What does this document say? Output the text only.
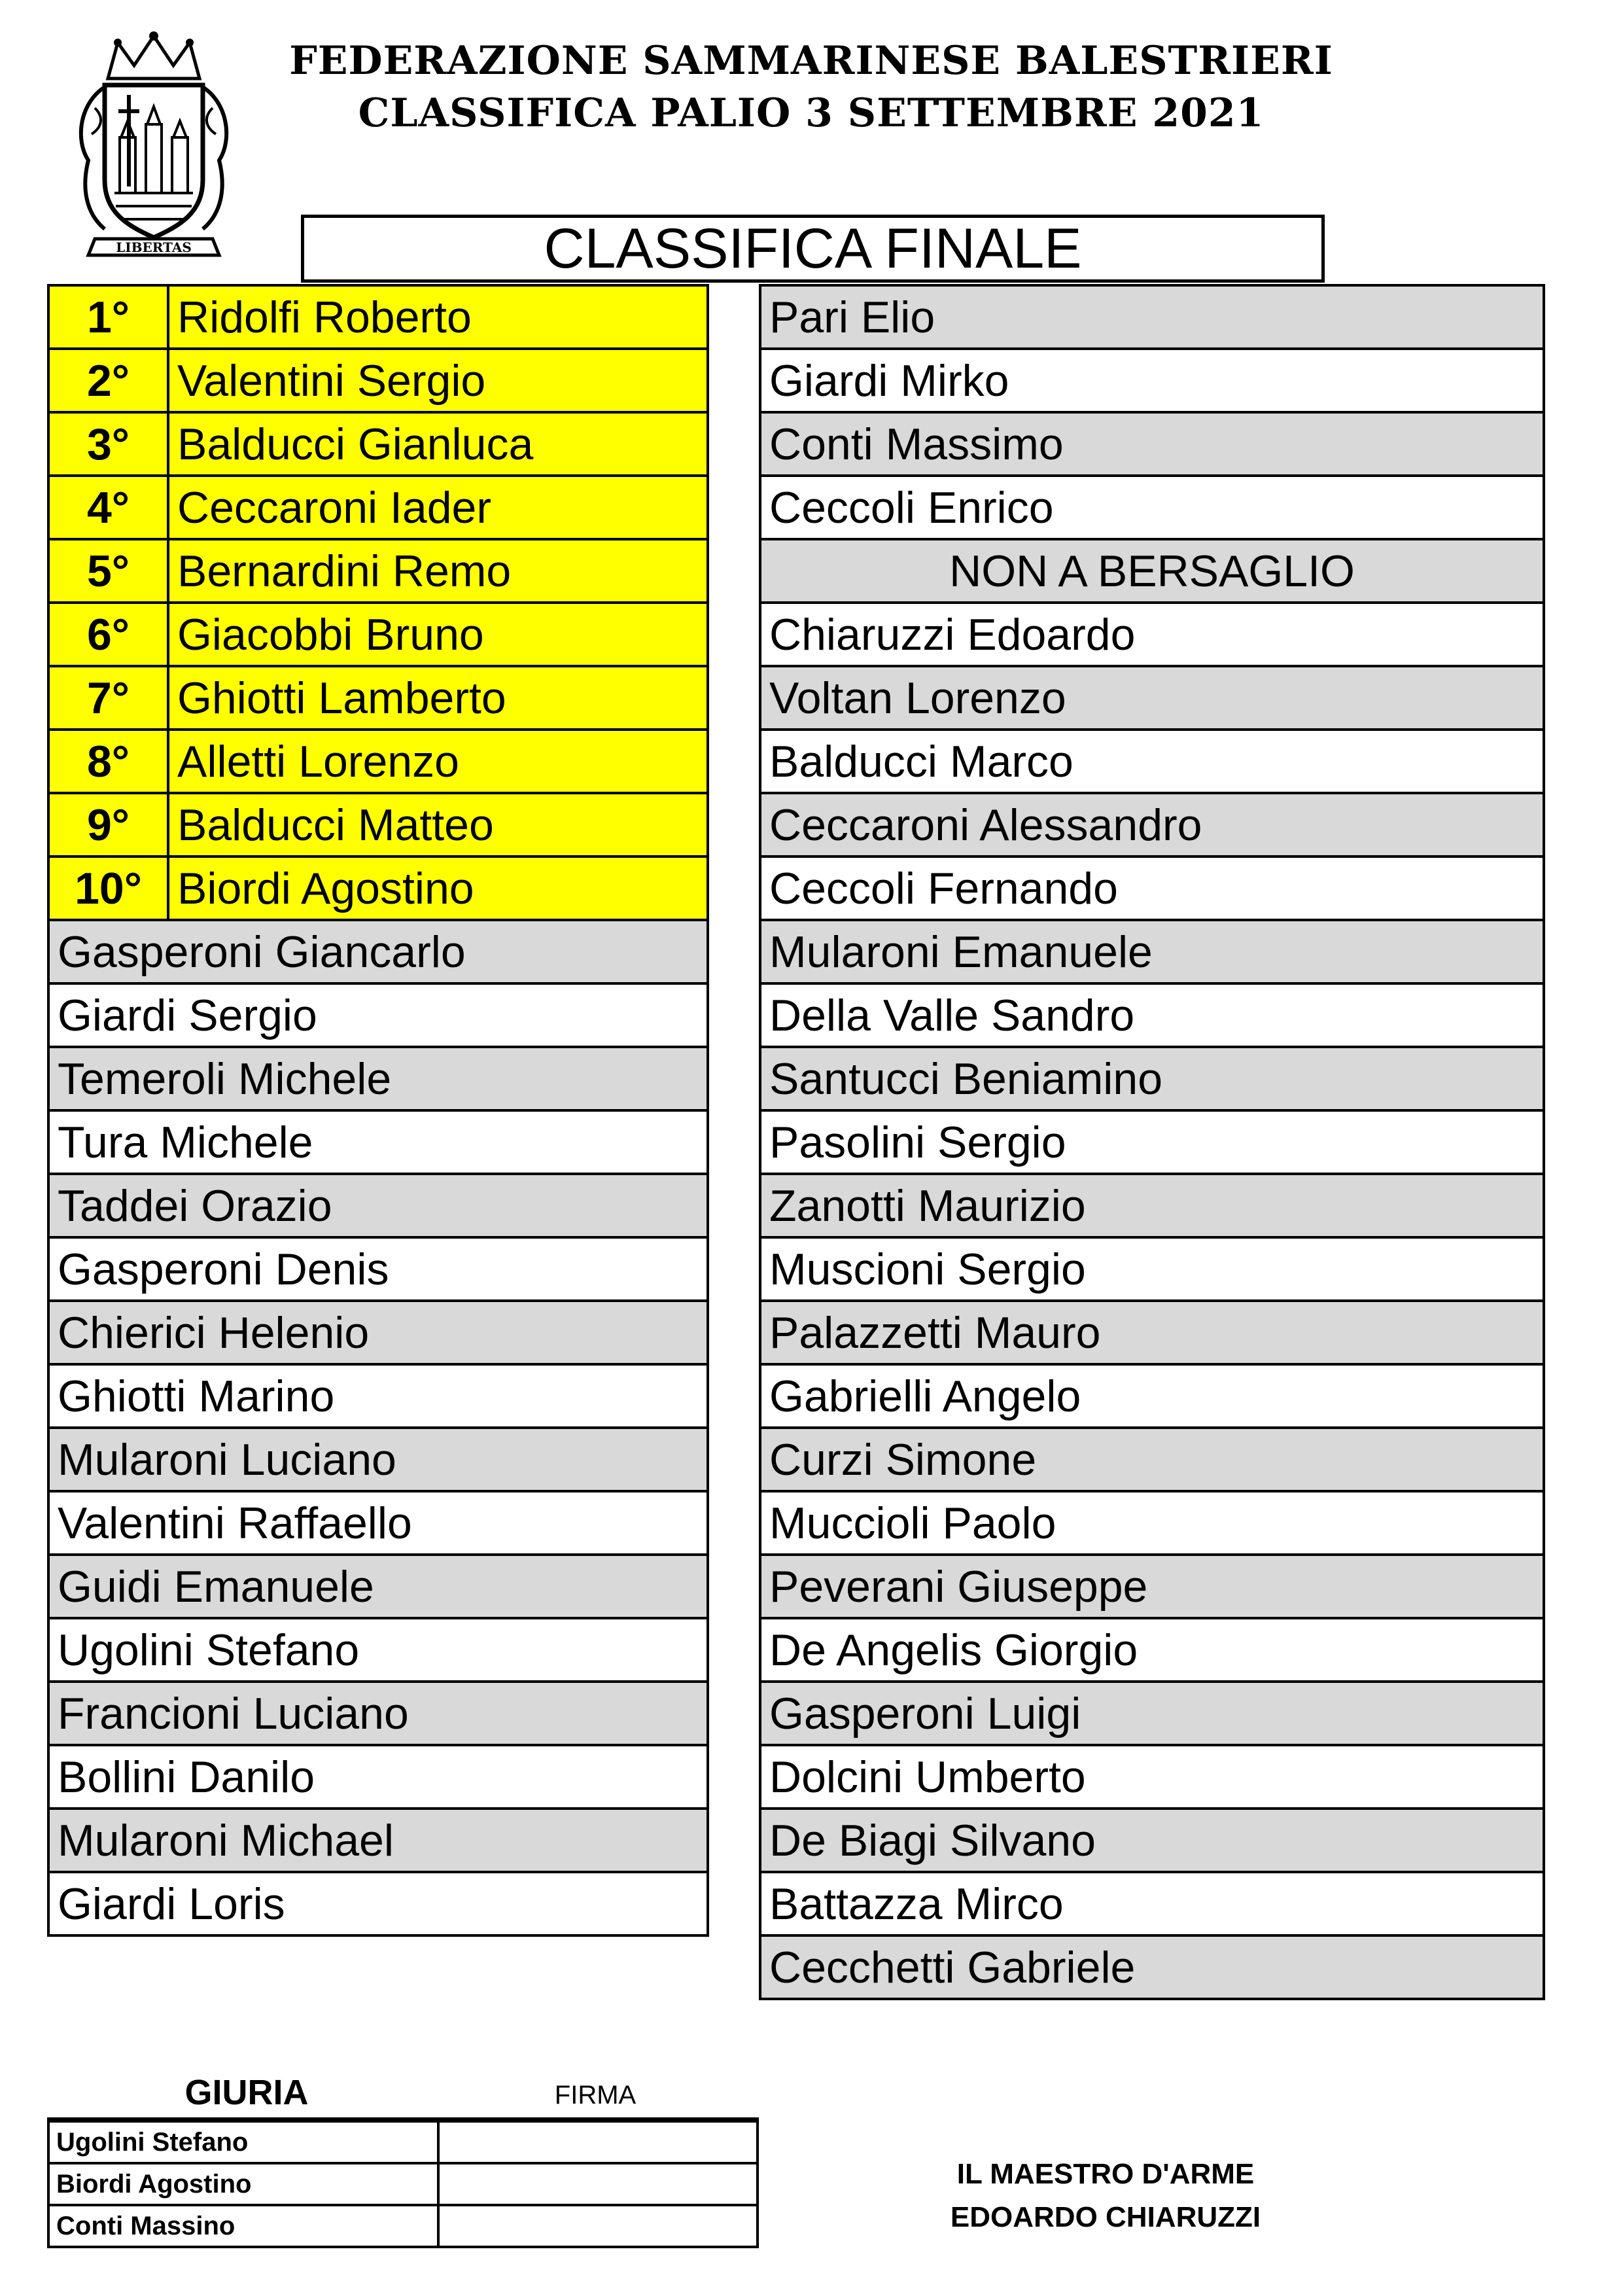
FEDERAZIONE SAMMARINESE BALESTRIERI
CLASSIFICA PALIO 3 SETTEMBRE 2021
LIBERTAS	CLASSIFICA FINALE
1°	Ridolfi Roberto
2°	Valentini Sergio
3°	Balducci Gianluca
4°	Ceccaroni Iader
5°	Bernardini Remo
6°	Giacobbi Bruno
7°	Ghiotti Lamberto
8°	Alletti Lorenzo
9°	Balducci Matteo
10°	Biordi Agostino
Gasperoni Giancarlo	
Giardi Sergio	
Temeroli Michele	
Tura Michele	
Taddei Orazio	
Gasperoni Denis	
Chierici Helenio	
Ghiotti Marino	
Mularoni Luciano	
Valentini Raffaello	
Guidi Emanuele	
Ugolini Stefano	
Francioni Luciano	
Bollini Danilo	
Mularoni Michael	
Giardi Loris	
Pari Elio
Giardi Mirko
Conti Massimo
Ceccoli Enrico
NON A BERSAGLIO
Chiaruzzi Edoardo
Voltan Lorenzo
Balducci Marco
Ceccaroni Alessandro
Ceccoli Fernando
Mularoni Emanuele
Della Valle Sandro
Santucci Beniamino
Pasolini Sergio
Zanotti Maurizio
Muscioni Sergio
Palazzetti Mauro
Gabrielli Angelo
Curzi Simone
Muccioli Paolo
Peverani Giuseppe
De Angelis Giorgio
Gasperoni Luigi
Dolcini Umberto
De Biagi Silvano
Battazza Mirco
Cecchetti Gabriele
GIURIA	FIRMA
Ugolini Stefano	
Biordi Agostino	
Conti Massino	
IL MAESTRO D'ARME
EDOARDO CHIARUZZI
